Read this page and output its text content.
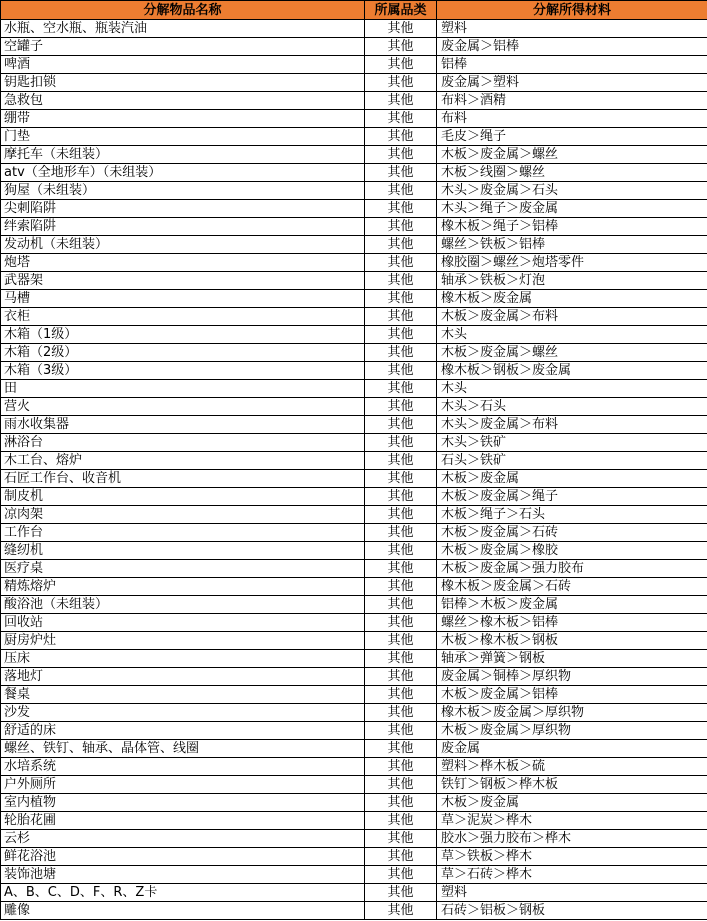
分解物品名称	所属品类	分解所得材料
水瓶、空水瓶、瓶装汽油	其他	塑料
空罐子	其他	废金属＞铝棒
啤酒	其他	铝棒
钥匙扣锁	其他	废金属＞塑料
急救包	其他	布料＞酒精
绷带	其他	布料
门垫	其他	毛皮＞绳子
摩托车（未组装）	其他	木板＞废金属＞螺丝
atv（全地形车）（未组装）	其他	木板＞线圈＞螺丝
狗屋（未组装）	其他	木头＞废金属＞石头
尖刺陷阱	其他	木头＞绳子＞废金属
绊索陷阱	其他	橡木板＞绳子＞铝棒
发动机（未组装）	其他	螺丝＞铁板＞铝棒
炮塔	其他	橡胶圈＞螺丝＞炮塔零件
武器架	其他	轴承＞铁板＞灯泡
马槽	其他	橡木板＞废金属
衣柜	其他	木板＞废金属＞布料
木箱（1级）	其他	木头
木箱（2级）	其他	木板＞废金属＞螺丝
木箱（3级）	其他	橡木板＞钢板＞废金属
田	其他	木头
营火	其他	木头＞石头
雨水收集器	其他	木头＞废金属＞布料
淋浴台	其他	木头＞铁矿
木工台、熔炉	其他	石头＞铁矿
石匠工作台、收音机	其他	木板＞废金属
制皮机	其他	木板＞废金属＞绳子
凉肉架	其他	木板＞绳子＞石头
工作台	其他	木板＞废金属＞石砖
缝纫机	其他	木板＞废金属＞橡胶
医疗桌	其他	木板＞废金属＞强力胶布
精炼熔炉	其他	橡木板＞废金属＞石砖
酸浴池（未组装）	其他	铝棒＞木板＞废金属
回收站	其他	螺丝＞橡木板＞铝棒
厨房炉灶	其他	木板＞橡木板＞钢板
压床	其他	轴承＞弹簧＞钢板
落地灯	其他	废金属＞铜棒＞厚织物
餐桌	其他	木板＞废金属＞铝棒
沙发	其他	橡木板＞废金属＞厚织物
舒适的床	其他	木板＞废金属＞厚织物
螺丝、铁钉、轴承、晶体管、线圈	其他	废金属
水培系统	其他	塑料＞桦木板＞硫
户外厕所	其他	铁钉＞钢板＞桦木板
室内植物	其他	木板＞废金属
轮胎花圃	其他	草＞泥炭＞桦木
云杉	其他	胶水＞强力胶布＞桦木
鲜花浴池	其他	草＞铁板＞桦木
装饰池塘	其他	草＞石砖＞桦木
A、B、C、D、F、R、Z卡	其他	塑料
雕像	其他	石砖＞铝板＞钢板
